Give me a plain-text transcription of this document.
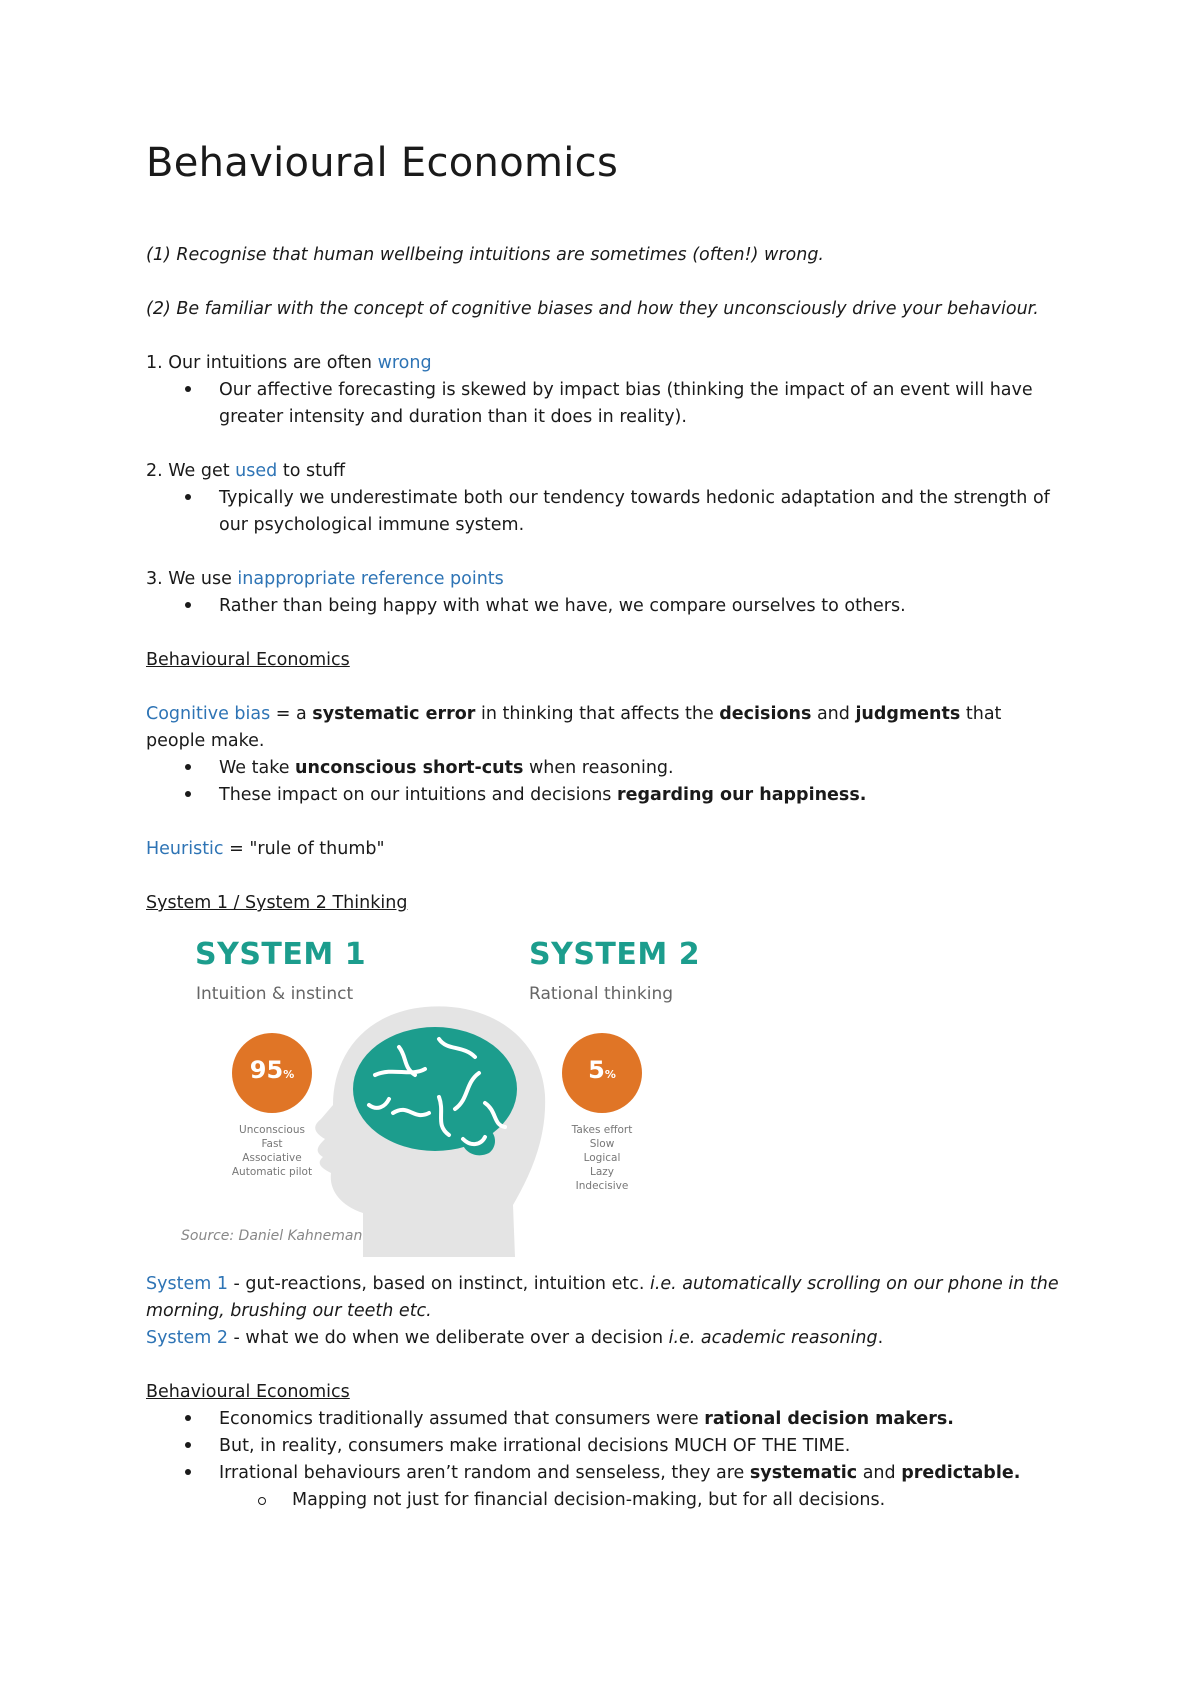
Behavioural Economics

(1) Recognise that human wellbeing intuitions are sometimes (often!) wrong.

(2) Be familiar with the concept of cognitive biases and how they unconsciously drive your behaviour.

1. Our intuitions are often wrong

Our affective forecasting is skewed by impact bias (thinking the impact of an event will have greater intensity and duration than it does in reality).

2. We get used to stuff

Typically we underestimate both our tendency towards hedonic adaptation and the strength of our psychological immune system.

3. We use inappropriate reference points

Rather than being happy with what we have, we compare ourselves to others.

Behavioural Economics

Cognitive bias = a systematic error in thinking that affects the decisions and judgments that people make.

We take unconscious short-cuts when reasoning.
These impact on our intuitions and decisions regarding our happiness.

Heuristic = "rule of thumb"

System 1 / System 2 Thinking

SYSTEM 1
Intuition & instinct
95%
Unconscious
Fast
Associative
Automatic pilot
SYSTEM 2
Rational thinking
5%
Takes effort
Slow
Logical
Lazy
Indecisive
Source: Daniel Kahneman

System 1 - gut-reactions, based on instinct, intuition etc. i.e. automatically scrolling on our phone in the morning, brushing our teeth etc.

System 2 - what we do when we deliberate over a decision i.e. academic reasoning.

Behavioural Economics

Economics traditionally assumed that consumers were rational decision makers.
But, in reality, consumers make irrational decisions MUCH OF THE TIME.
Irrational behaviours aren’t random and senseless, they are systematic and predictable.
Mapping not just for financial decision-making, but for all decisions.
